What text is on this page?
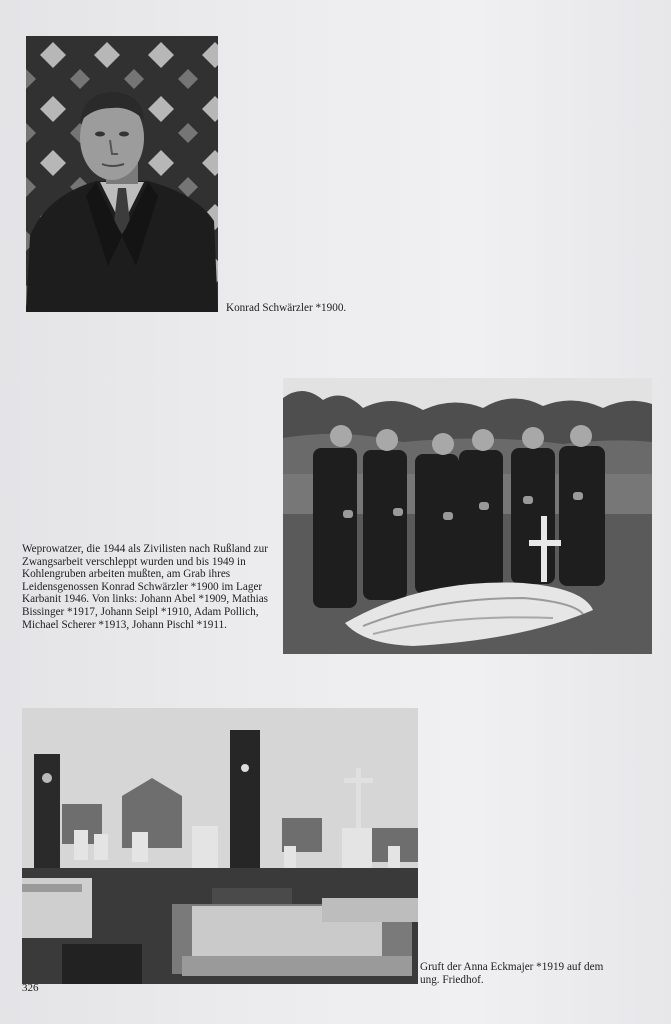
Konrad Schwärzler *1900.
Weprowatzer, die 1944 als Zivilisten nach Rußland zur Zwangsarbeit verschleppt wurden und bis 1949 in Kohlengruben arbeiten mußten, am Grab ihres Leidensgenossen Konrad Schwärzler *1900 im Lager Karbanit 1946. Von links: Johann Abel *1909, Mathias Bissinger *1917, Johann Seipl *1910, Adam Pollich, Michael Scherer *1913, Johann Pischl *1911.
Gruft der Anna Eckmajer *1919 auf dem ung. Friedhof.
326
